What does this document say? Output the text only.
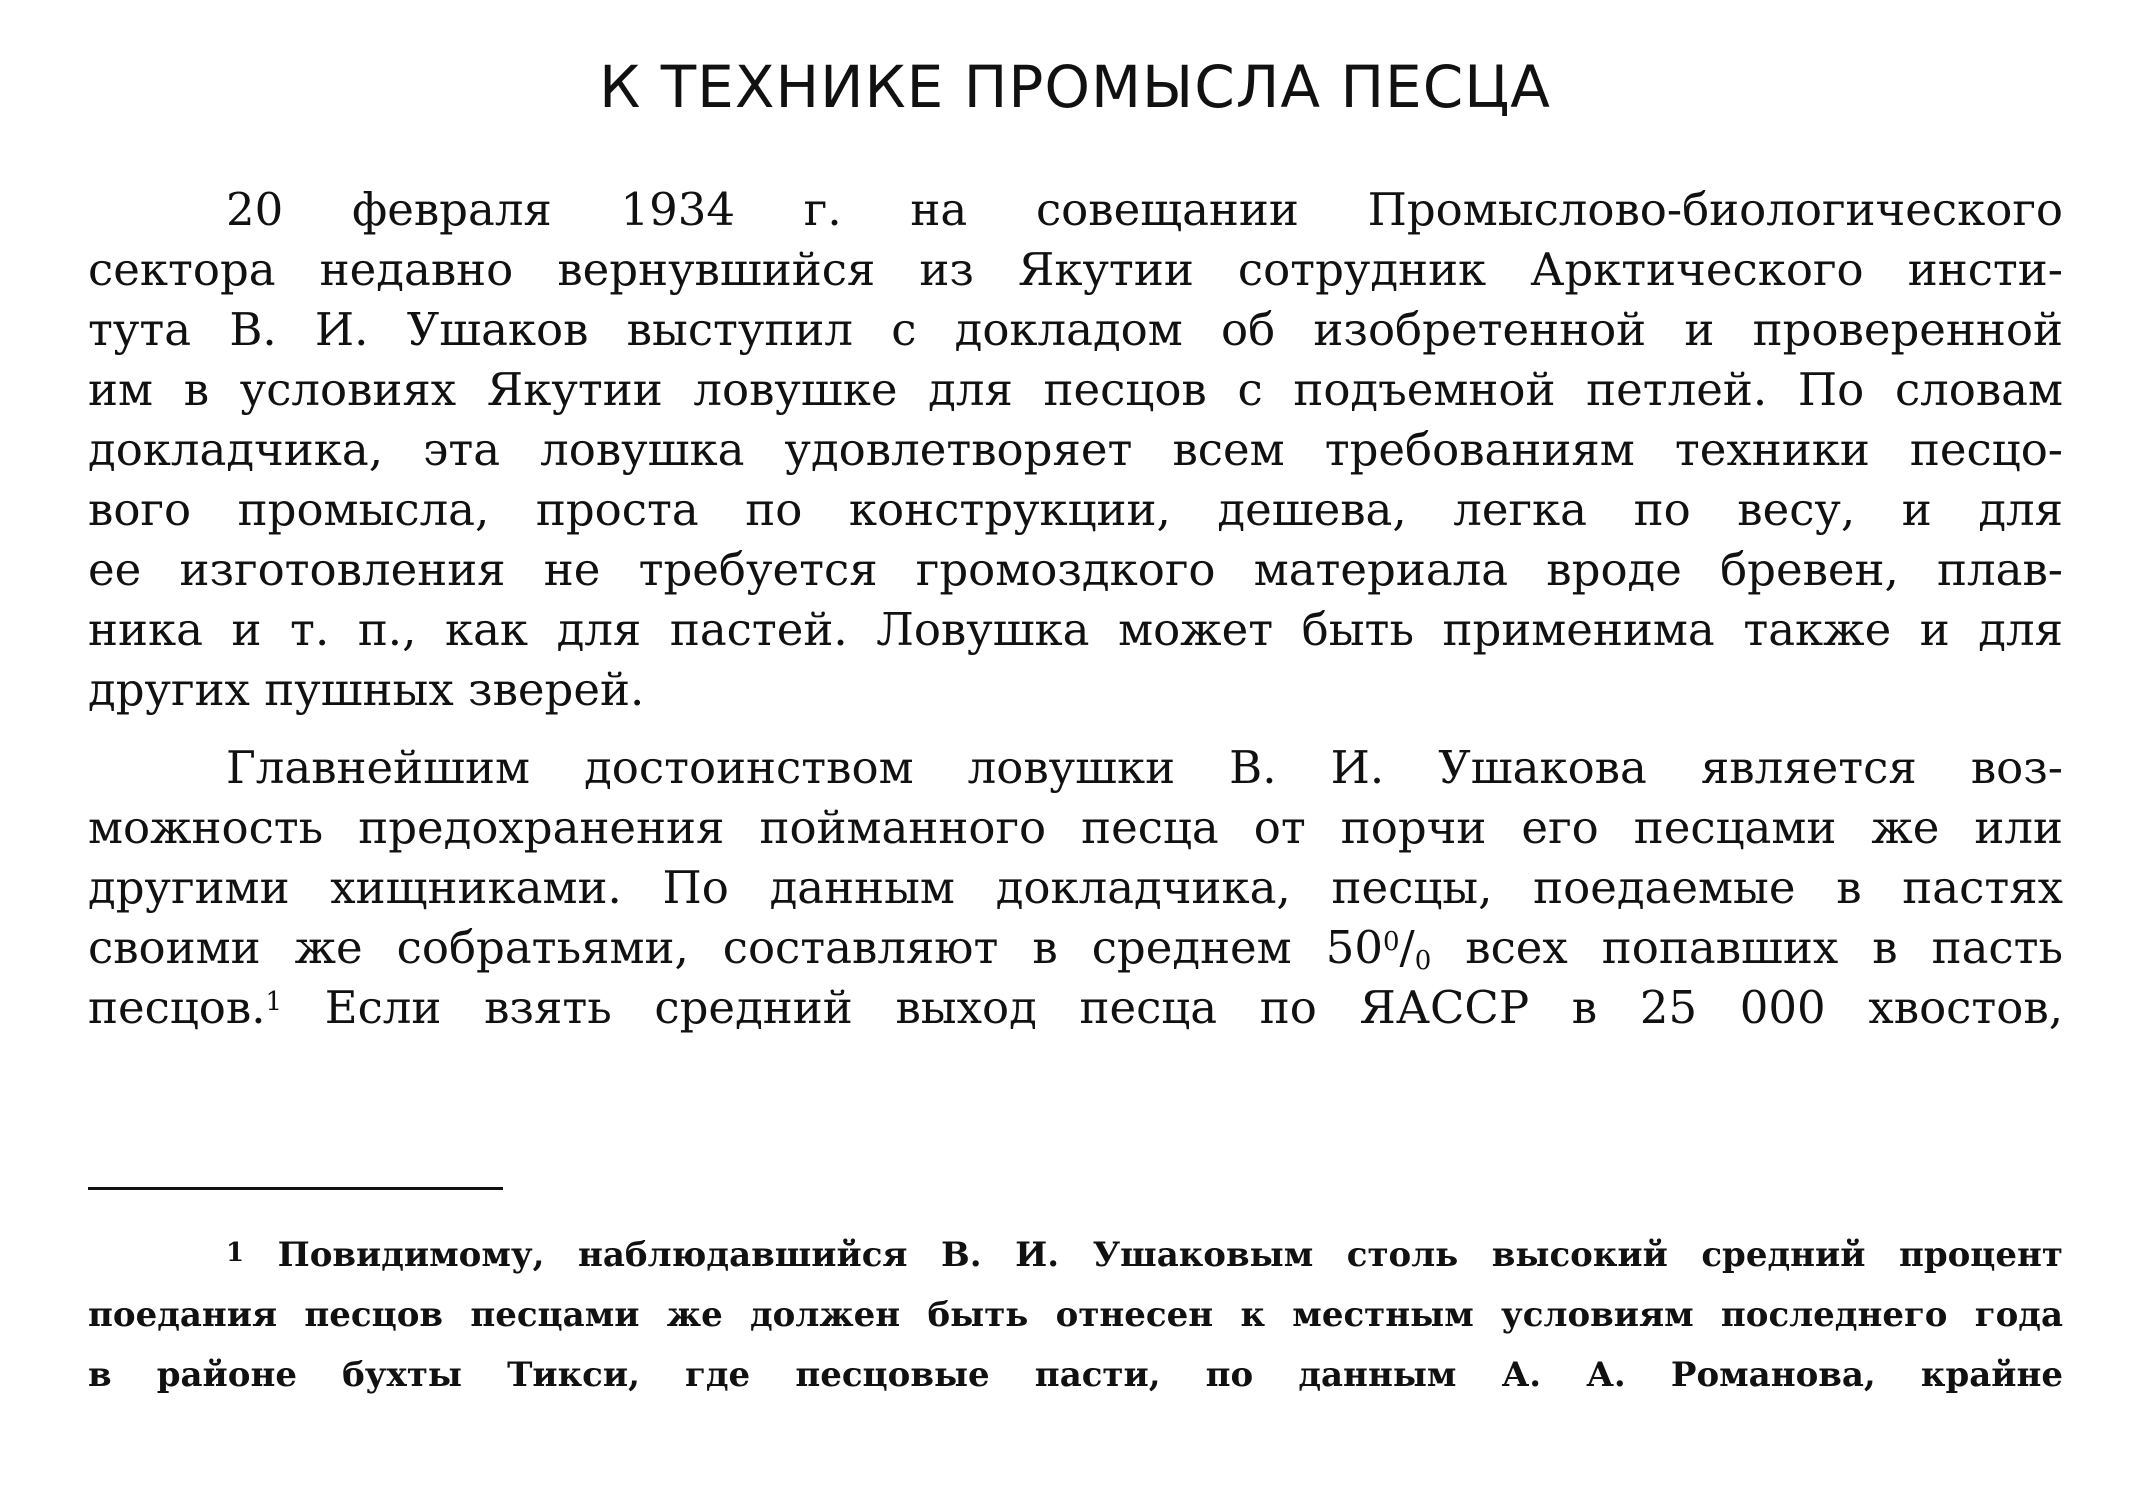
К ТЕХНИКЕ ПРОМЫСЛА ПЕСЦА
20 февраля 1934 г. на совещании Промыслово-биологического
сектора недавно вернувшийся из Якутии сотрудник Арктического инсти-
тута В. И. Ушаков выступил с докладом об изобретенной и проверенной
им в условиях Якутии ловушке для песцов с подъемной петлей. По словам
докладчика, эта ловушка удовлетворяет всем требованиям техники песцо-
вого промысла, проста по конструкции, дешева, легка по весу, и для
ее изготовления не требуется громоздкого материала вроде бревен, плав-
ника и т. п., как для пастей. Ловушка может быть применима также и для
других пушных зверей.
Главнейшим достоинством ловушки В. И. Ушакова является воз-
можность предохранения пойманного песца от порчи его песцами же или
другими хищниками. По данным докладчика, песцы, поедаемые в пастях
своими же собратьями, составляют в среднем 50$^0$/0 всех попавших в пасть
песцов.$^1$ Если взять средний выход песца по ЯАССР в 25 000 хвостов,
$^1$ Повидимому, наблюдавшийся В. И. Ушаковым столь высокий средний процент
поедания песцов песцами же должен быть отнесен к местным условиям последнего года
в районе бухты Тикси, где песцовые пасти, по данным А. А. Романова, крайне
